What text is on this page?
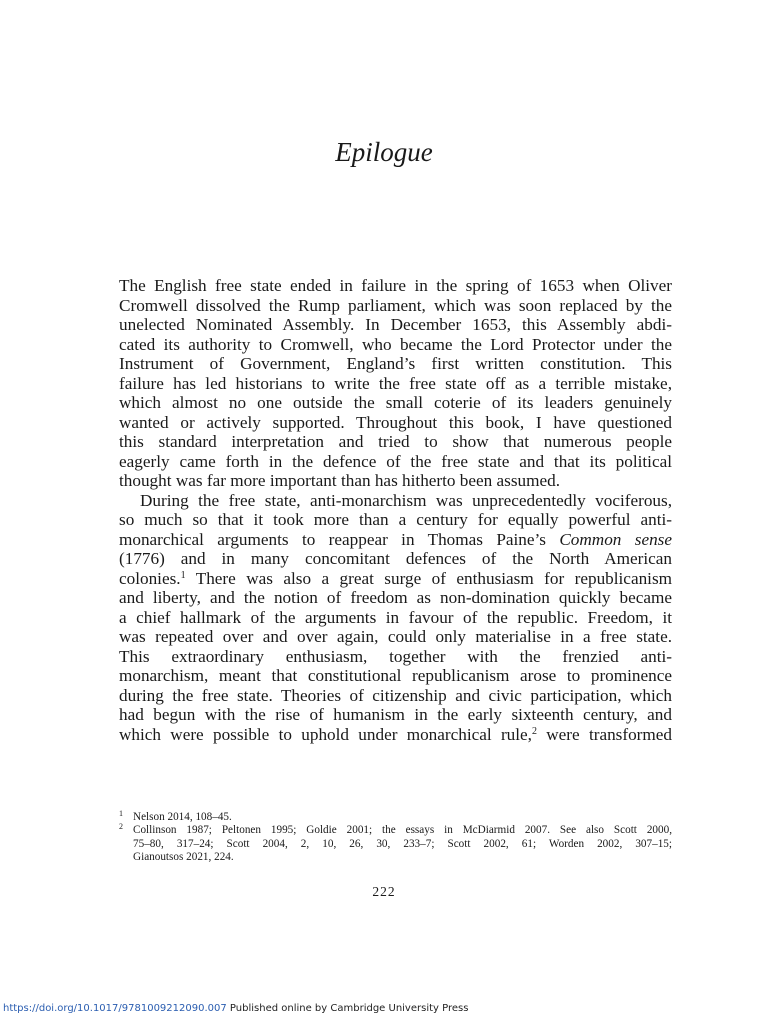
Epilogue
The English free state ended in failure in the spring of 1653 when Oliver
Cromwell dissolved the Rump parliament, which was soon replaced by the
unelected Nominated Assembly. In December 1653, this Assembly abdi-
cated its authority to Cromwell, who became the Lord Protector under the
Instrument of Government, England’s first written constitution. This
failure has led historians to write the free state off as a terrible mistake,
which almost no one outside the small coterie of its leaders genuinely
wanted or actively supported. Throughout this book, I have questioned
this standard interpretation and tried to show that numerous people
eagerly came forth in the defence of the free state and that its political
thought was far more important than has hitherto been assumed.
During the free state, anti-monarchism was unprecedentedly vociferous,
so much so that it took more than a century for equally powerful anti-
monarchical arguments to reappear in Thomas Paine’s Common sense
(1776) and in many concomitant defences of the North American
colonies.$^1$ There was also a great surge of enthusiasm for republicanism
and liberty, and the notion of freedom as non-domination quickly became
a chief hallmark of the arguments in favour of the republic. Freedom, it
was repeated over and over again, could only materialise in a free state.
This extraordinary enthusiasm, together with the frenzied anti-
monarchism, meant that constitutional republicanism arose to prominence
during the free state. Theories of citizenship and civic participation, which
had begun with the rise of humanism in the early sixteenth century, and
which were possible to uphold under monarchical rule,$^2$ were transformed
1 Nelson 2014, 108–45.
2 Collinson 1987; Peltonen 1995; Goldie 2001; the essays in McDiarmid 2007. See also Scott 2000,
75–80, 317–24; Scott 2004, 2, 10, 26, 30, 233–7; Scott 2002, 61; Worden 2002, 307–15;
Gianoutsos 2021, 224.
222
https://doi.org/10.1017/9781009212090.007 Published online by Cambridge University Press
